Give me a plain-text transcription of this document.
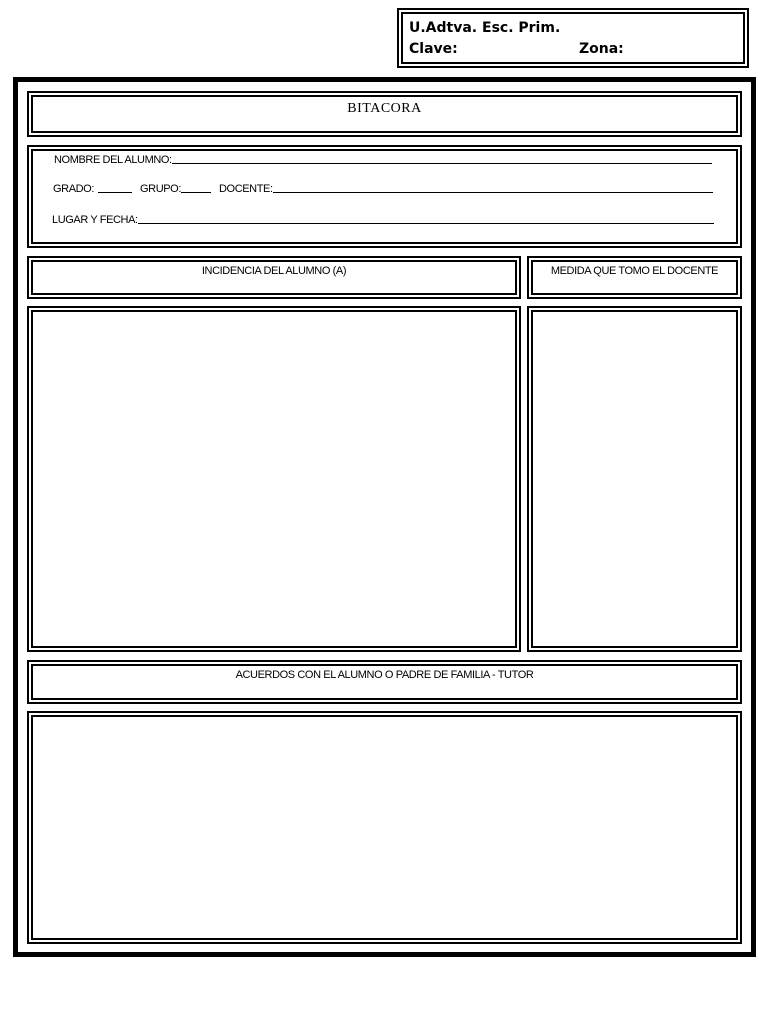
U.Adtva. Esc. Prim.
Clave:	Zona:
BITACORA
NOMBRE DEL ALUMNO:
GRADO:	GRUPO:	DOCENTE:
LUGAR Y FECHA:
INCIDENCIA DEL ALUMNO (A)	MEDIDA QUE TOMO EL DOCENTE
ACUERDOS CON EL ALUMNO O PADRE DE FAMILIA - TUTOR
